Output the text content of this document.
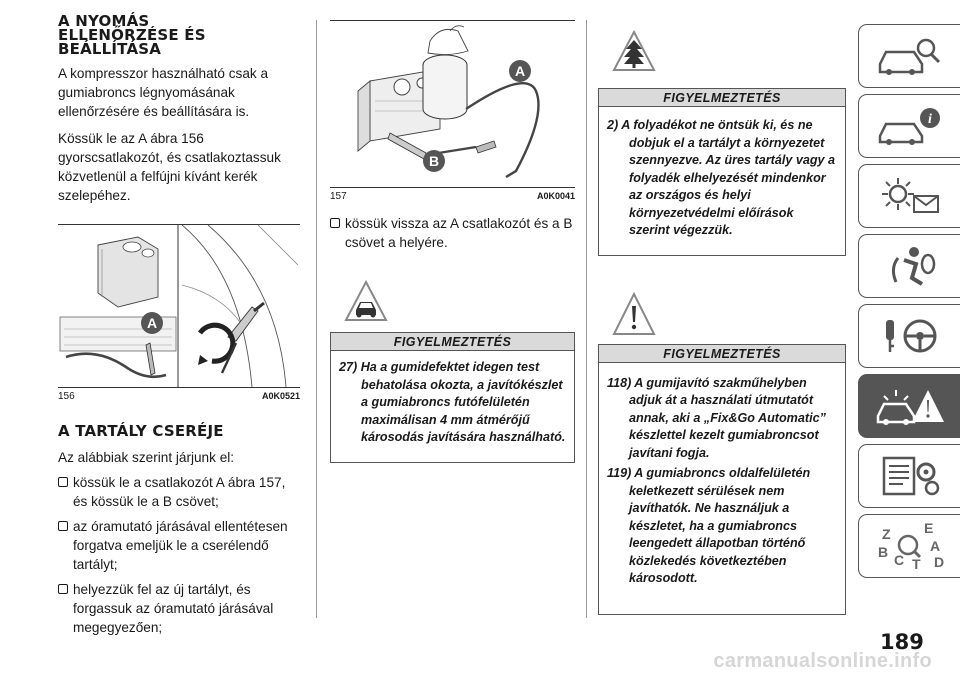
A NYOMÁS
ELLENŐRZÉSE ÉS
BEÁLLÍTÁSA

A kompresszor használható csak a gumiabroncs légnyomásának ellenőrzésére és beállítására is.

Kössük le az A ábra 156 gyorscsatlakozót, és csatlakoztassuk közvetlenül a felfújni kívánt kerék szelepéhez.

A
156	A0K0521
A TARTÁLY CSERÉJE

Az alábbiak szerint járjunk el:

kössük le a csatlakozót A ábra 157, és kössük le a B csövet;
az óramutató járásával ellentétesen forgatva emeljük le a cserélendő tartályt;
helyezzük fel az új tartályt, és forgassuk az óramutató járásával megegyezően;
A
B
157	A0K0041
kössük vissza az A csatlakozót és a B csövet a helyére.
FIGYELMEZTETÉS
27) Ha a gumidefektet idegen test behatolása okozta, a javítókészlet a gumiabroncs futófelületén maximálisan 4 mm átmérőjű károsodás javítására használható.
FIGYELMEZTETÉS
2) A folyadékot ne öntsük ki, és ne dobjuk el a tartályt a környezetet szennyezve. Az üres tartály vagy a folyadék elhelyezését mindenkor az országos és helyi környezetvédelmi előírások szerint végezzük.
FIGYELMEZTETÉS
118) A gumijavító szakműhelyben adjuk át a használati útmutatót annak, aki a „Fix&Go Automatic” készlettel kezelt gumiabroncsot javítani fogja.
119) A gumiabroncs oldalfelületén keletkezett sérülések nem javíthatók. Ne használjuk a készletet, ha a gumiabroncs leengedett állapotban történő közlekedés következtében károsodott.
i
Z E
A
B C T D
189
carmanualsonline.info
